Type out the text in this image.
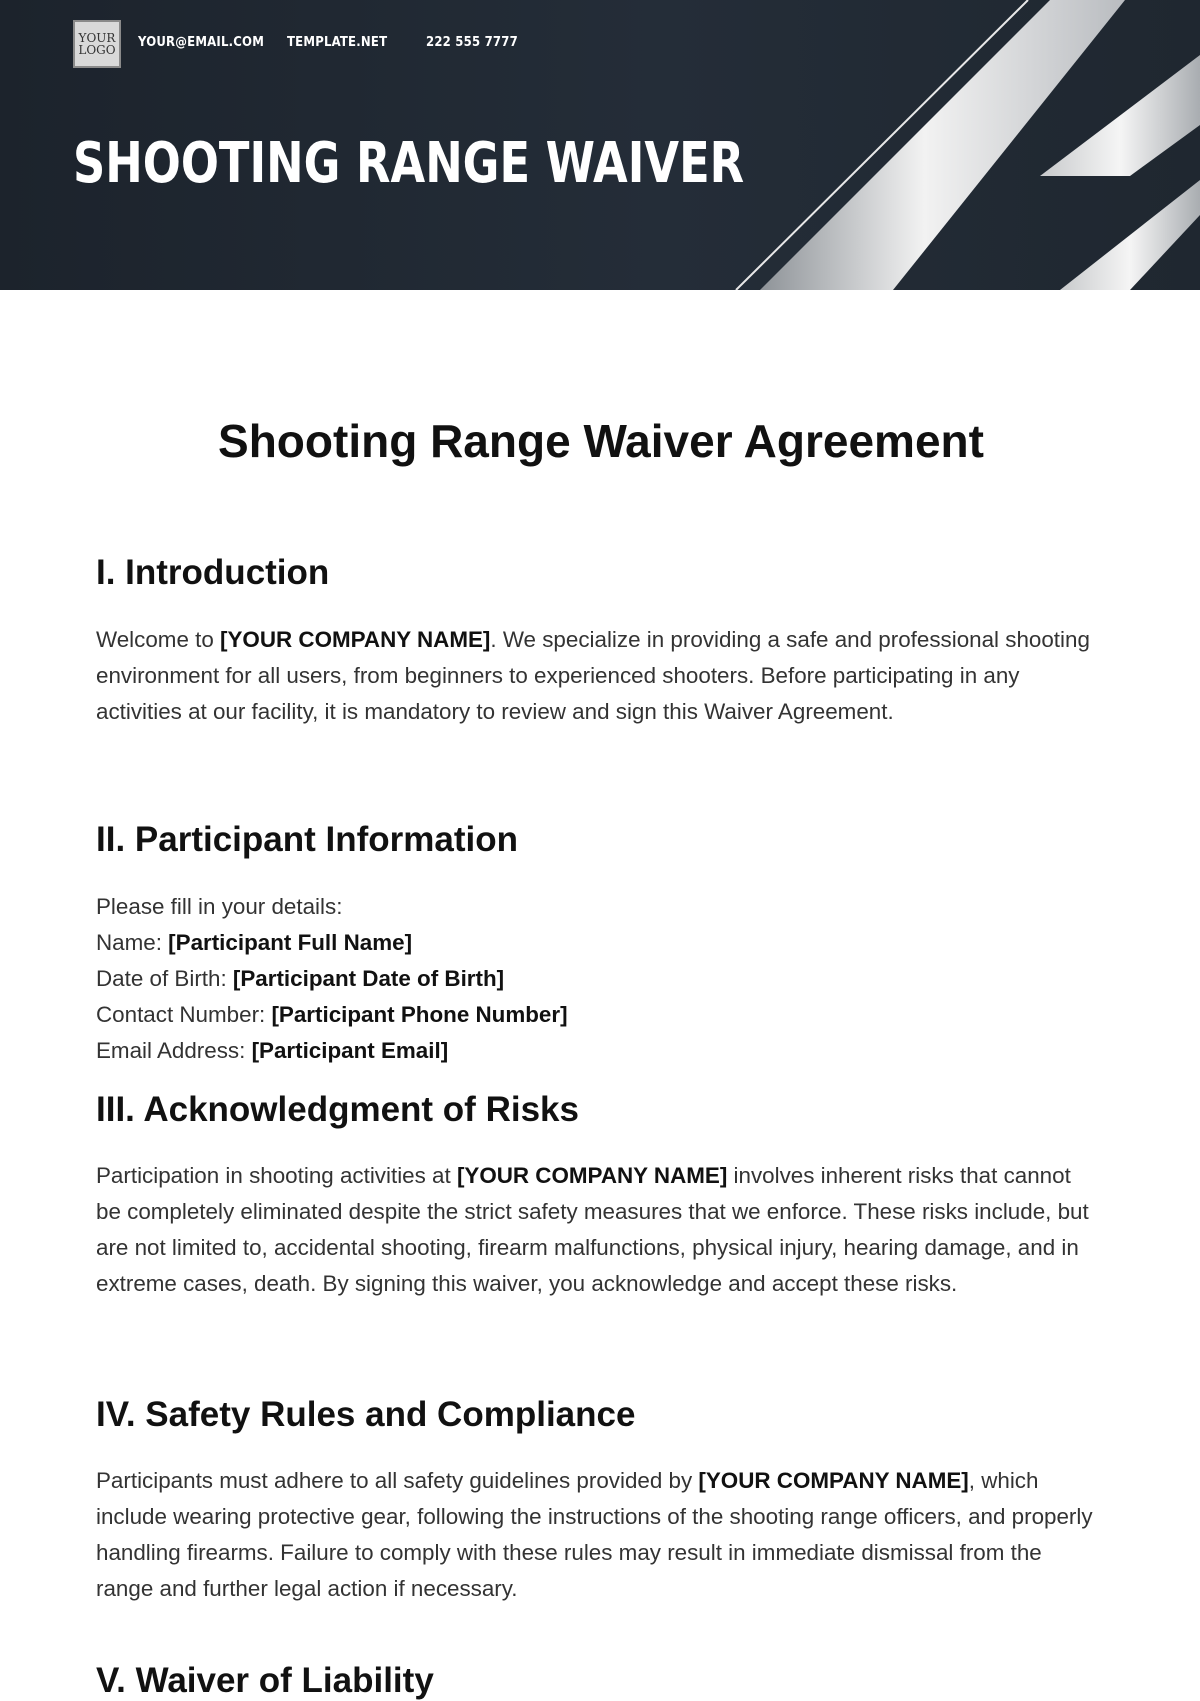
YOUR
LOGO YOUR@EMAIL.COM TEMPLATE.NET	222 555 7777
SHOOTING RANGE WAIVER
Shooting Range Waiver Agreement
I. Introduction

Welcome to [YOUR COMPANY NAME]. We specialize in providing a safe and professional shooting environment for all users, from beginners to experienced shooters. Before participating in any activities at our facility, it is mandatory to review and sign this Waiver Agreement.

II. Participant Information
Please fill in your details:
Name: [Participant Full Name]
Date of Birth: [Participant Date of Birth]
Contact Number: [Participant Phone Number]
Email Address: [Participant Email]
III. Acknowledgment of Risks

Participation in shooting activities at [YOUR COMPANY NAME] involves inherent risks that cannot be completely eliminated despite the strict safety measures that we enforce. These risks include, but are not limited to, accidental shooting, firearm malfunctions, physical injury, hearing damage, and in extreme cases, death. By signing this waiver, you acknowledge and accept these risks.

IV. Safety Rules and Compliance

Participants must adhere to all safety guidelines provided by [YOUR COMPANY NAME], which include wearing protective gear, following the instructions of the shooting range officers, and properly handling firearms. Failure to comply with these rules may result in immediate dismissal from the range and further legal action if necessary.

V. Waiver of Liability
